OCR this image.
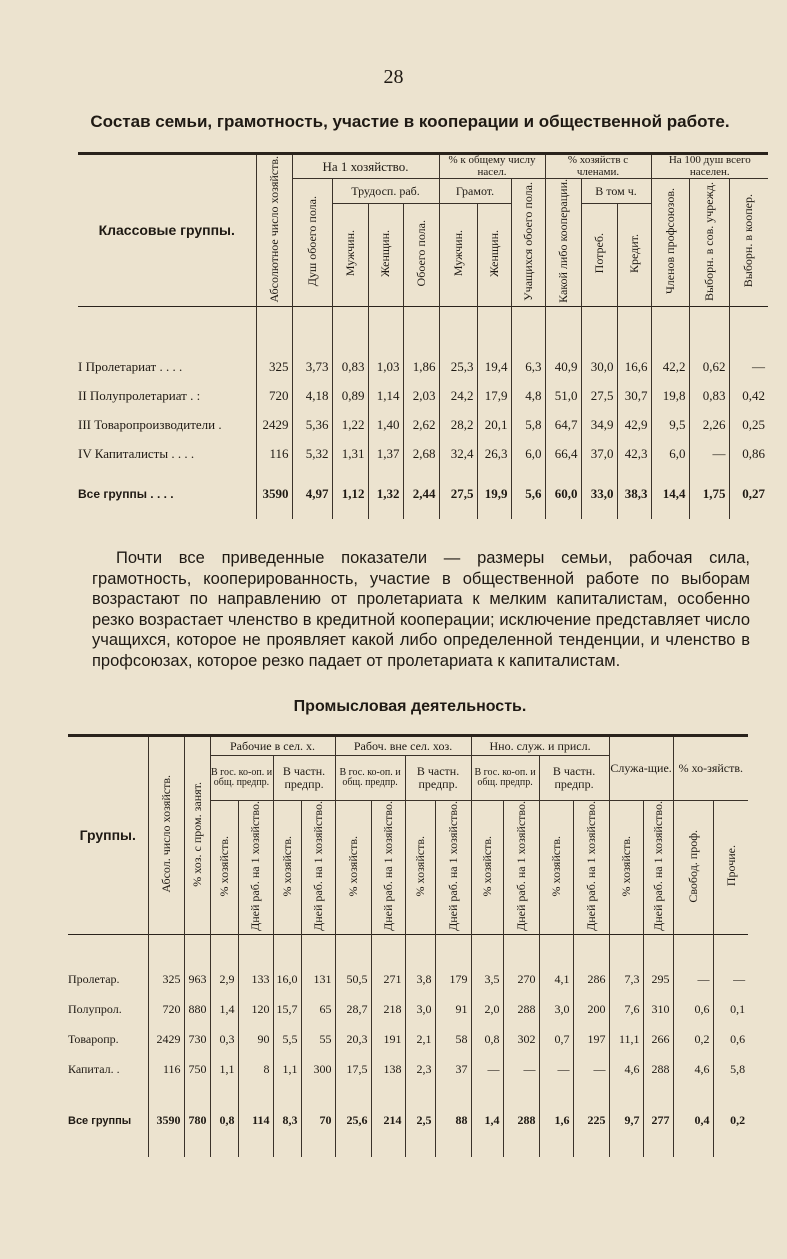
28
Состав семьи, грамотность, участие в кооперации и общественной работе.
Классовые группы.	Абсолютное число хозяйств.	На 1 хозяйство.				% к общему числу насел.			% хозяйств с членами.			На 100 душ всего населен.		
		Душ обоего пола.	Трудосп. раб.			Грамот.		Учащихся обоего пола.	Какой либо кооперации.	В том ч.		Членов профсоюзов.	Выборн. в сов. учрежд.	Выборн. в коопер.
			Мужчин.	Женщин.	Обоего пола.	Мужчин.	Женщин.			Потреб.	Кредит.			

I Пролетариат . . . .	325	3,73	0,83	1,03	1,86	25,3	19,4	6,3	40,9	30,0	16,6	42,2	0,62	—
II Полупролетариат . :	720	4,18	0,89	1,14	2,03	24,2	17,9	4,8	51,0	27,5	30,7	19,8	0,83	0,42
III Товаропроизводители .	2429	5,36	1,22	1,40	2,62	28,2	20,1	5,8	64,7	34,9	42,9	9,5	2,26	0,25
IV Капиталисты . . . .	116	5,32	1,31	1,37	2,68	32,4	26,3	6,0	66,4	37,0	42,3	6,0	—	0,86
Все группы . . . .	3590	4,97	1,12	1,32	2,44	27,5	19,9	5,6	60,0	33,0	38,3	14,4	1,75	0,27
Почти все приведенные показатели — размеры семьи, рабочая сила, грамотность, кооперированность, участие в общественной работе по выборам возрастают по направлению от пролетариата к мелким капиталистам, особенно резко возрастает членство в кредитной кооперации; исключение представляет число учащихся, которое не проявляет какой либо определенной тенденции, и членство в профсоюзах, которое резко падает от пролетариата к капиталистам.
Промысловая деятельность.
Группы.	Абсол. число хозяйств.	% хоз. с пром. занят.	Рабочие в сел. х.				Рабоч. вне сел. хоз.				Нно. служ. и присл.				Служа-щие.		% хо-зяйств.	
			В гос. ко-оп. и общ. предпр.		В частн. предпр.		В гос. ко-оп. и общ. предпр.		В частн. предпр.		В гос. ко-оп. и общ. предпр.		В частн. предпр.					
			% хозяйств.	Дней раб. на 1 хозяйство.	% хозяйств.	Дней раб. на 1 хозяйство.	% хозяйств.	Дней раб. на 1 хозяйство.	% хозяйств.	Дней раб. на 1 хозяйство.	% хозяйств.	Дней раб. на 1 хозяйство.	% хозяйств.	Дней раб. на 1 хозяйство.	% хозяйств.	Дней раб. на 1 хозяйство.	Свобод. проф.	Прочие.

Пролетар.	325	963	2,9	133	16,0	131	50,5	271	3,8	179	3,5	270	4,1	286	7,3	295	—	—
Полупрол.	720	880	1,4	120	15,7	65	28,7	218	3,0	91	2,0	288	3,0	200	7,6	310	0,6	0,1
Товаропр.	2429	730	0,3	90	5,5	55	20,3	191	2,1	58	0,8	302	0,7	197	11,1	266	0,2	0,6
Капитал. .	116	750	1,1	8	1,1	300	17,5	138	2,3	37	—	—	—	—	4,6	288	4,6	5,8
Все группы	3590	780	0,8	114	8,3	70	25,6	214	2,5	88	1,4	288	1,6	225	9,7	277	0,4	0,2
